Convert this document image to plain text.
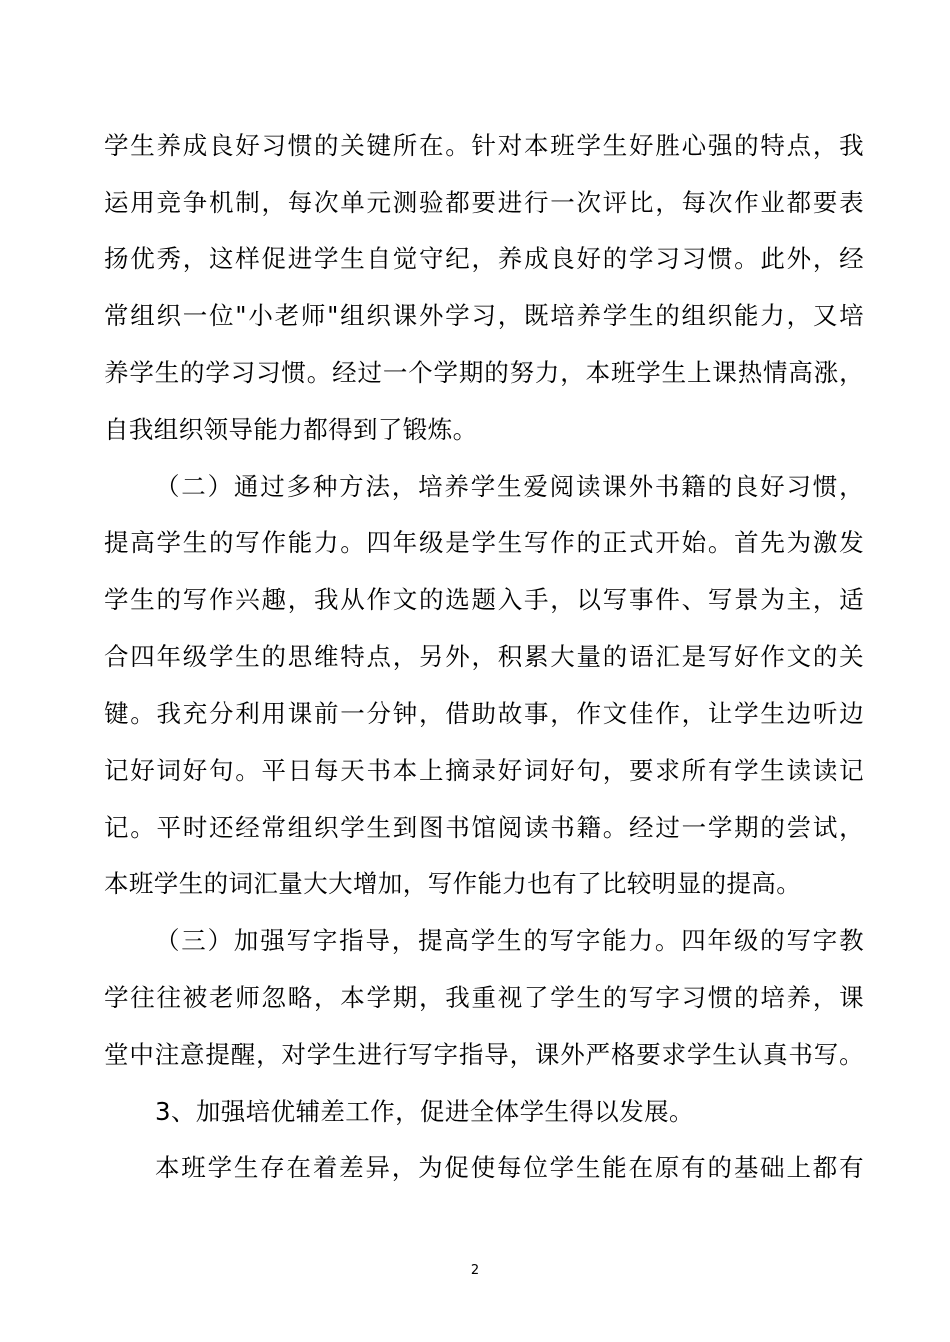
学生养成良好习惯的关键所在。针对本班学生好胜心强的特点，我
运用竞争机制，每次单元测验都要进行一次评比，每次作业都要表
扬优秀，这样促进学生自觉守纪，养成良好的学习习惯。此外，经
常组织一位"小老师"组织课外学习，既培养学生的组织能力，又培
养学生的学习习惯。经过一个学期的努力，本班学生上课热情高涨，
自我组织领导能力都得到了锻炼。
（二）通过多种方法，培养学生爱阅读课外书籍的良好习惯，
提高学生的写作能力。四年级是学生写作的正式开始。首先为激发
学生的写作兴趣，我从作文的选题入手，以写事件、写景为主，适
合四年级学生的思维特点，另外，积累大量的语汇是写好作文的关
键。我充分利用课前一分钟，借助故事，作文佳作，让学生边听边
记好词好句。平日每天书本上摘录好词好句，要求所有学生读读记
记。平时还经常组织学生到图书馆阅读书籍。经过一学期的尝试，
本班学生的词汇量大大增加，写作能力也有了比较明显的提高。
（三）加强写字指导，提高学生的写字能力。四年级的写字教
学往往被老师忽略，本学期，我重视了学生的写字习惯的培养，课
堂中注意提醒，对学生进行写字指导，课外严格要求学生认真书写。
3、加强培优辅差工作，促进全体学生得以发展。
本班学生存在着差异，为促使每位学生能在原有的基础上都有
2
